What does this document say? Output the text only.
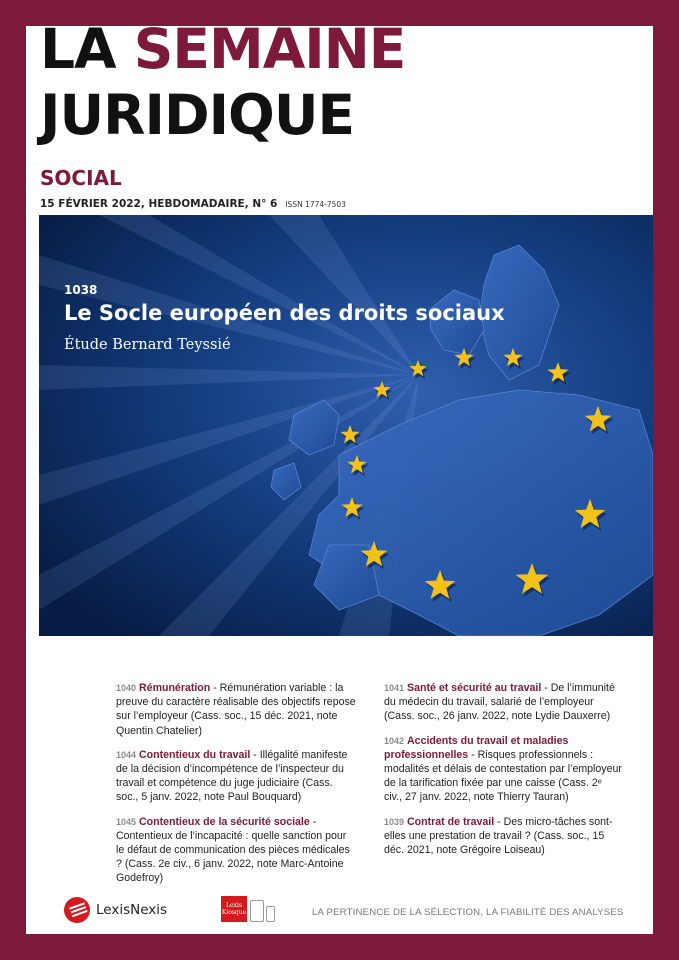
LA SEMAINE
JURIDIQUE
SOCIAL
15 FÉVRIER 2022, HEBDOMADAIRE, N° 6 ISSN 1774-7503
1038
Le Socle européen des droits sociaux
Étude Bernard Teyssié
1040 Rémunération - Rémunération variable : la preuve du caractère réalisable des objectifs repose sur l’employeur (Cass. soc., 15 déc. 2021, note Quentin Chatelier)
1044 Contentieux du travail - Illégalité manifeste de la décision d’incompétence de l’inspecteur du travail et compétence du juge judiciaire (Cass. soc., 5 janv. 2022, note Paul Bouquard)
1045 Contentieux de la sécurité sociale - Contentieux de l’incapacité : quelle sanction pour le défaut de communication des pièces médicales ? (Cass. 2e civ., 6 janv. 2022, note Marc-Antoine Godefroy)
1041 Santé et sécurité au travail - De l’immunité du médecin du travail, salarié de l’employeur (Cass. soc., 26 janv. 2022, note Lydie Dauxerre)
1042 Accidents du travail et maladies professionnelles - Risques professionnels : modalités et délais de contestation par l’employeur de la tarification fixée par une caisse (Cass. 2ᵉ civ., 27 janv. 2022, note Thierry Tauran)
1039 Contrat de travail - Des micro-tâches sont-elles une prestation de travail ? (Cass. soc., 15 déc. 2021, note Grégoire Loiseau)
LexisNexis	Lexis
Kiosque	LA PERTINENCE DE LA SÉLECTION, LA FIABILITÉ DES ANALYSES
